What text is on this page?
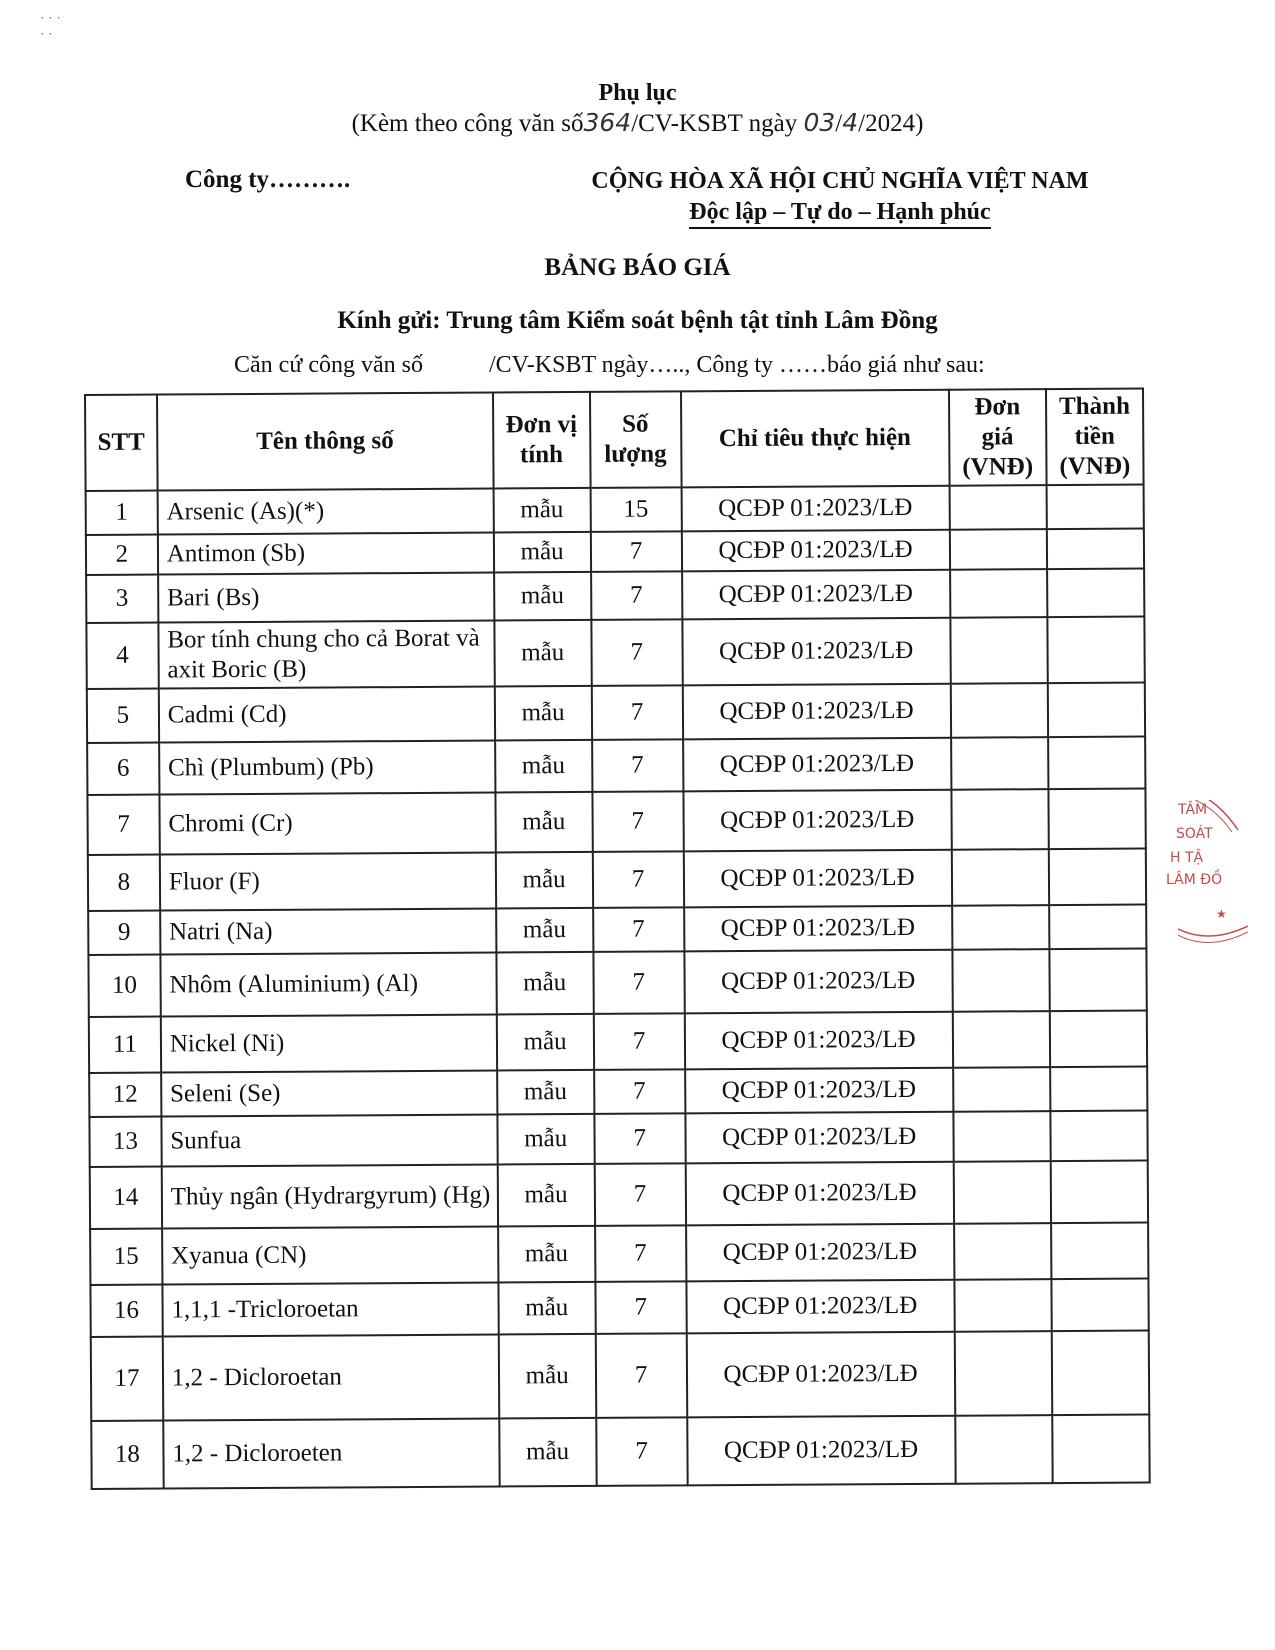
˙ ˙ ˙
˙ ˙
Phụ lục
(Kèm theo công văn số364/CV-KSBT ngày 03/4/2024)
Công ty……….	CỘNG HÒA XÃ HỘI CHỦ NGHĨA VIỆT NAM
Độc lập – Tự do – Hạnh phúc
BẢNG BÁO GIÁ
Kính gửi: Trung tâm Kiểm soát bệnh tật tỉnh Lâm Đồng
Căn cứ công văn số           /CV-KSBT ngày….., Công ty ……báo giá như sau:
STT	Tên thông số	Đơn vị tính	Số lượng	Chỉ tiêu thực hiện	Đơn giá (VNĐ)	Thành tiền (VNĐ)
1	Arsenic (As)(*)	mẫu	15	QCĐP 01:2023/LĐ		
2	Antimon (Sb)	mẫu	7	QCĐP 01:2023/LĐ		
3	Bari (Bs)	mẫu	7	QCĐP 01:2023/LĐ		
4	Bor tính chung cho cả Borat và axit Boric (B)	mẫu	7	QCĐP 01:2023/LĐ		
5	Cadmi (Cd)	mẫu	7	QCĐP 01:2023/LĐ		
6	Chì (Plumbum) (Pb)	mẫu	7	QCĐP 01:2023/LĐ		
7	Chromi (Cr)	mẫu	7	QCĐP 01:2023/LĐ		
8	Fluor (F)	mẫu	7	QCĐP 01:2023/LĐ		
9	Natri (Na)	mẫu	7	QCĐP 01:2023/LĐ		
10	Nhôm (Aluminium) (Al)	mẫu	7	QCĐP 01:2023/LĐ		
11	Nickel (Ni)	mẫu	7	QCĐP 01:2023/LĐ		
12	Seleni (Se)	mẫu	7	QCĐP 01:2023/LĐ		
13	Sunfua	mẫu	7	QCĐP 01:2023/LĐ		
14	Thủy ngân (Hydrargyrum) (Hg)	mẫu	7	QCĐP 01:2023/LĐ		
15	Xyanua (CN)	mẫu	7	QCĐP 01:2023/LĐ		
16	1,1,1 -Tricloroetan	mẫu	7	QCĐP 01:2023/LĐ		
17	1,2 - Dicloroetan	mẫu	7	QCĐP 01:2023/LĐ		
18	1,2 - Dicloroeten	mẫu	7	QCĐP 01:2023/LĐ		
★
TÂM
SOÁT
H TẬ
LÂM ĐỒ
